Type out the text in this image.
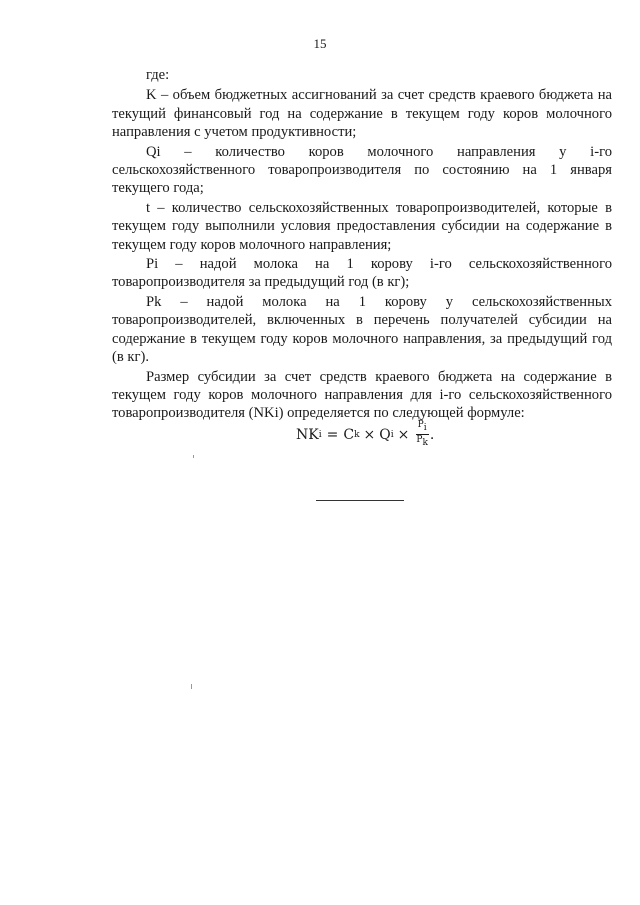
15

где:

K – объем бюджетных ассигнований за счет средств краевого бюджета на текущий финансовый год на содержание в текущем году коров молочного направления с учетом продуктивности;

Qi – количество коров молочного направления у i-го сельскохозяйственного товаропроизводителя по состоянию на 1 января текущего года;

t – количество сельскохозяйственных товаропроизводителей, которые в текущем году выполнили условия предоставления субсидии на содержание в текущем году коров молочного направления;

Pi – надой молока на 1 корову i-го сельскохозяйственного товаропроизводителя за предыдущий год (в кг);

Pk – надой молока на 1 корову у сельскохозяйственных товаропроизводителей, включенных в перечень получателей субсидии на содержание в текущем году коров молочного направления, за предыдущий год (в кг).

Размер субсидии за счет средств краевого бюджета на содержание в текущем году коров молочного направления для i-го сельскохозяйственного товаропроизводителя (NKi) определяется по следующей формуле:

NK i = C k × Q $i \times \frac{P_i}{P_k}$ .
